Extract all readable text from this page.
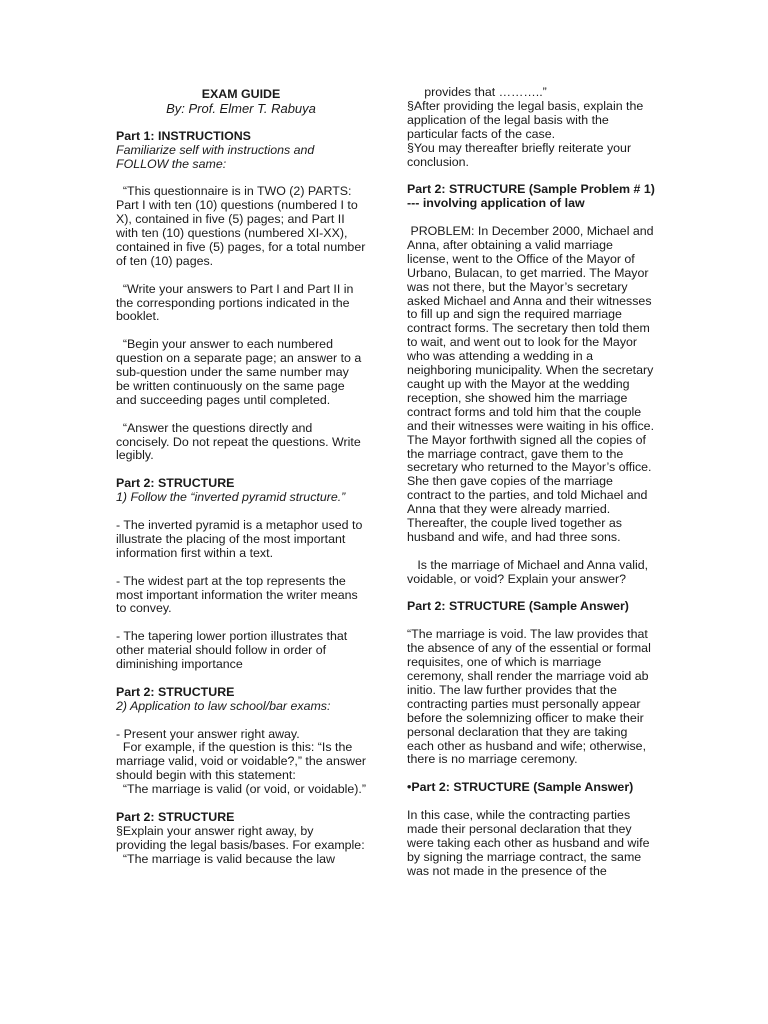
EXAM GUIDE

By: Prof. Elmer T. Rabuya

Part 1: INSTRUCTIONS

Familiarize self with instructions and FOLLOW the same:

“This questionnaire is in TWO (2) PARTS: Part I with ten (10) questions (numbered I to X), contained in five (5) pages; and Part II with ten (10) questions (numbered XI-XX), contained in five (5) pages, for a total number of ten (10) pages.

“Write your answers to Part I and Part II in the corresponding portions indicated in the booklet.

“Begin your answer to each numbered question on a separate page; an answer to a sub-question under the same number may be written continuously on the same page and succeeding pages until completed.

“Answer the questions directly and concisely. Do not repeat the questions. Write legibly.

Part 2: STRUCTURE

1) Follow the “inverted pyramid structure.”

- The inverted pyramid is a metaphor used to illustrate the placing of the most important information first within a text.

- The widest part at the top represents the most important information the writer means to convey.

- The tapering lower portion illustrates that other material should follow in order of diminishing importance

Part 2: STRUCTURE

2) Application to law school/bar exams:

- Present your answer right away.

For example, if the question is this: “Is the marriage valid, void or voidable?,” the answer should begin with this statement:

“The marriage is valid (or void, or voidable).”

Part 2: STRUCTURE

§Explain your answer right away, by providing the legal basis/bases. For example:

“The marriage is valid because the law

provides that ………..”

§After providing the legal basis, explain the application of the legal basis with the particular facts of the case.

§You may thereafter briefly reiterate your conclusion.

Part 2: STRUCTURE (Sample Problem # 1) --- involving application of law

PROBLEM: In December 2000, Michael and Anna, after obtaining a valid marriage license, went to the Office of the Mayor of Urbano, Bulacan, to get married. The Mayor was not there, but the Mayor’s secretary asked Michael and Anna and their witnesses to fill up and sign the required marriage contract forms. The secretary then told them to wait, and went out to look for the Mayor who was attending a wedding in a neighboring municipality. When the secretary caught up with the Mayor at the wedding reception, she showed him the marriage contract forms and told him that the couple and their witnesses were waiting in his office. The Mayor forthwith signed all the copies of the marriage contract, gave them to the secretary who returned to the Mayor’s office. She then gave copies of the marriage contract to the parties, and told Michael and Anna that they were already married. Thereafter, the couple lived together as husband and wife, and had three sons.

Is the marriage of Michael and Anna valid, voidable, or void? Explain your answer?

Part 2: STRUCTURE (Sample Answer)

“The marriage is void. The law provides that the absence of any of the essential or formal requisites, one of which is marriage ceremony, shall render the marriage void ab initio. The law further provides that the contracting parties must personally appear before the solemnizing officer to make their personal declaration that they are taking each other as husband and wife; otherwise, there is no marriage ceremony.

•Part 2: STRUCTURE (Sample Answer)

In this case, while the contracting parties made their personal declaration that they were taking each other as husband and wife by signing the marriage contract, the same was not made in the presence of the
